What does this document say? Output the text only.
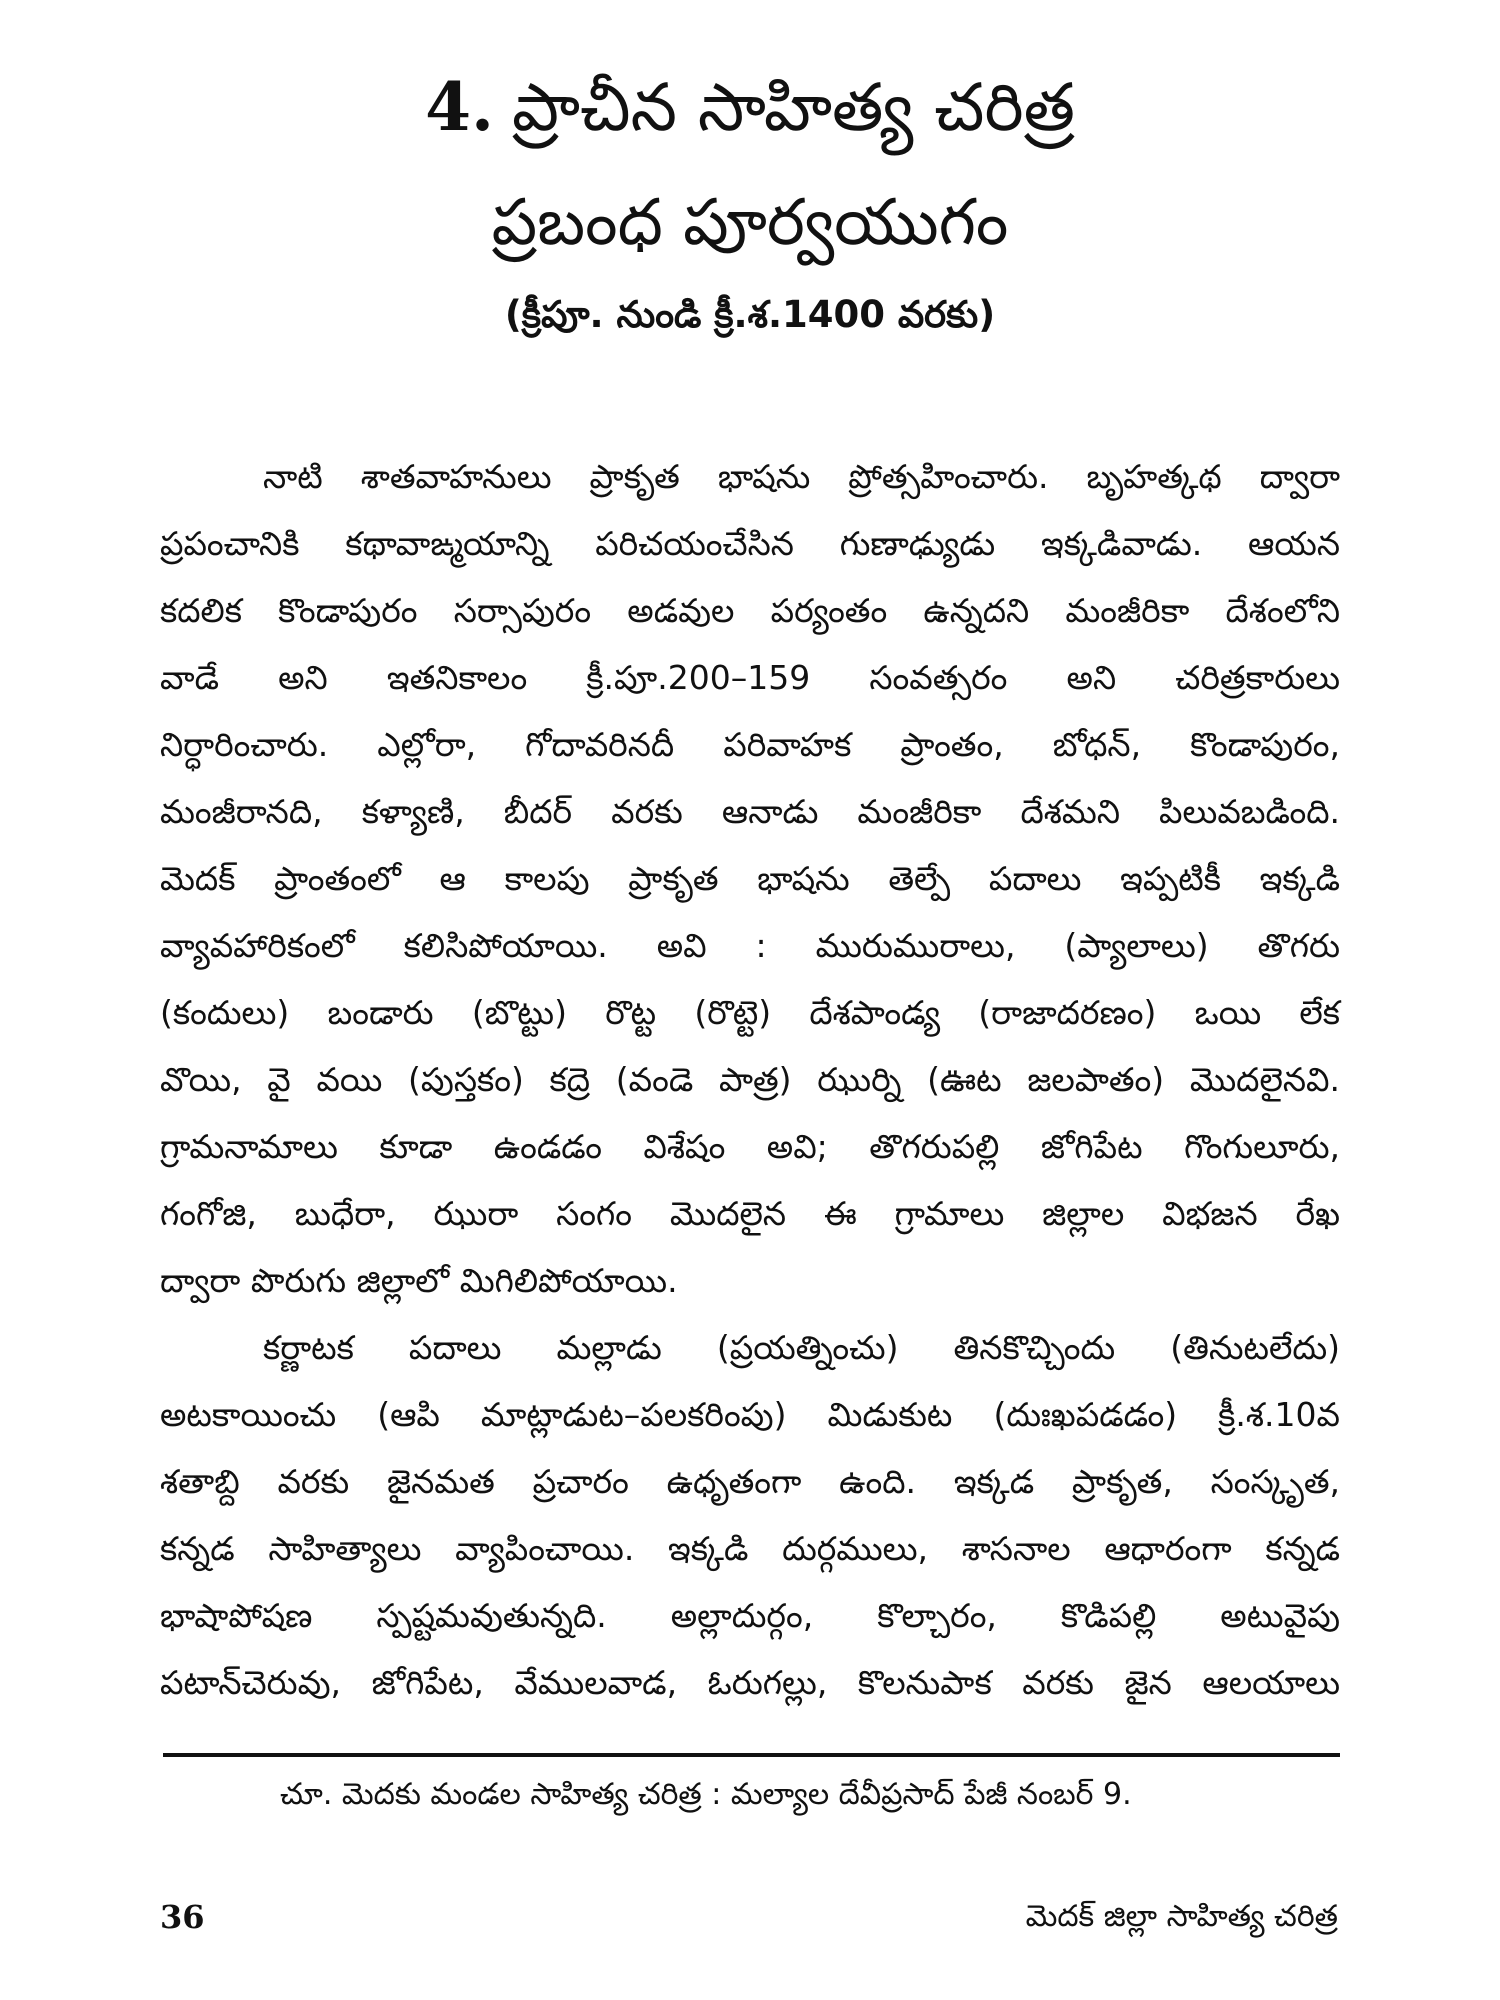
4. ప్రాచీన సాహిత్య చరిత్ర
ప్రబంధ పూర్వయుగం
(క్రీపూ. నుండి క్రీ.శ.1400 వరకు)
నాటి శాతవాహనులు ప్రాకృత భాషను ప్రోత్సహించారు. బృహత్కథ ద్వారా
ప్రపంచానికి కథావాఙ్మయాన్ని పరిచయంచేసిన గుణాఢ్యుడు ఇక్కడివాడు. ఆయన
కదలిక కొండాపురం సర్సాపురం అడవుల పర్యంతం ఉన్నదని మంజీరికా దేశంలోని
వాడే అని ఇతనికాలం క్రీ.పూ.200–159 సంవత్సరం అని చరిత్రకారులు
నిర్ధారించారు. ఎల్లోరా, గోదావరినదీ పరివాహక ప్రాంతం, బోధన్, కొండాపురం,
మంజీరానది, కళ్యాణి, బీదర్ వరకు ఆనాడు మంజీరికా దేశమని పిలువబడింది.
మెదక్ ప్రాంతంలో ఆ కాలపు ప్రాకృత భాషను తెల్పే పదాలు ఇప్పటికీ ఇక్కడి
వ్యావహారికంలో కలిసిపోయాయి. అవి : మురుమురాలు, (ప్యాలాలు) తొగరు
(కందులు) బండారు (బొట్టు) రొట్ట (రొట్టె) దేశపాండ్య (రాజాదరణం) ఒయి లేక
వొయి, వై వయి (పుస్తకం) కద్రె (వండె పాత్ర) ఝుర్ని (ఊట జలపాతం) మొదలైనవి.
గ్రామనామాలు కూడా ఉండడం విశేషం అవి; తొగరుపల్లి జోగిపేట గొంగులూరు,
గంగోజి, బుధేరా, ఝురా సంగం మొదలైన ఈ గ్రామాలు జిల్లాల విభజన రేఖ
ద్వారా పొరుగు జిల్లాలో మిగిలిపోయాయి.
కర్ణాటక పదాలు మల్లాడు (ప్రయత్నించు) తినకొచ్చిందు (తినుటలేదు)
అటకాయించు (ఆపి మాట్లాడుట–పలకరింపు) మిడుకుట (దుఃఖపడడం) క్రీ.శ.10వ
శతాబ్ది వరకు జైనమత ప్రచారం ఉధృతంగా ఉంది. ఇక్కడ ప్రాకృత, సంస్కృత,
కన్నడ సాహిత్యాలు వ్యాపించాయి. ఇక్కడి దుర్గములు, శాసనాల ఆధారంగా కన్నడ
భాషాపోషణ స్పష్టమవుతున్నది. అల్లాదుర్గం, కొల్చారం, కొడిపల్లి అటువైపు
పటాన్‌చెరువు, జోగిపేట, వేములవాడ, ఓరుగల్లు, కొలనుపాక వరకు జైన ఆలయాలు
చూ. మెదకు మండల సాహిత్య చరిత్ర : మల్యాల దేవీప్రసాద్ పేజీ నంబర్ 9.
36	మెదక్ జిల్లా సాహిత్య చరిత్ర
